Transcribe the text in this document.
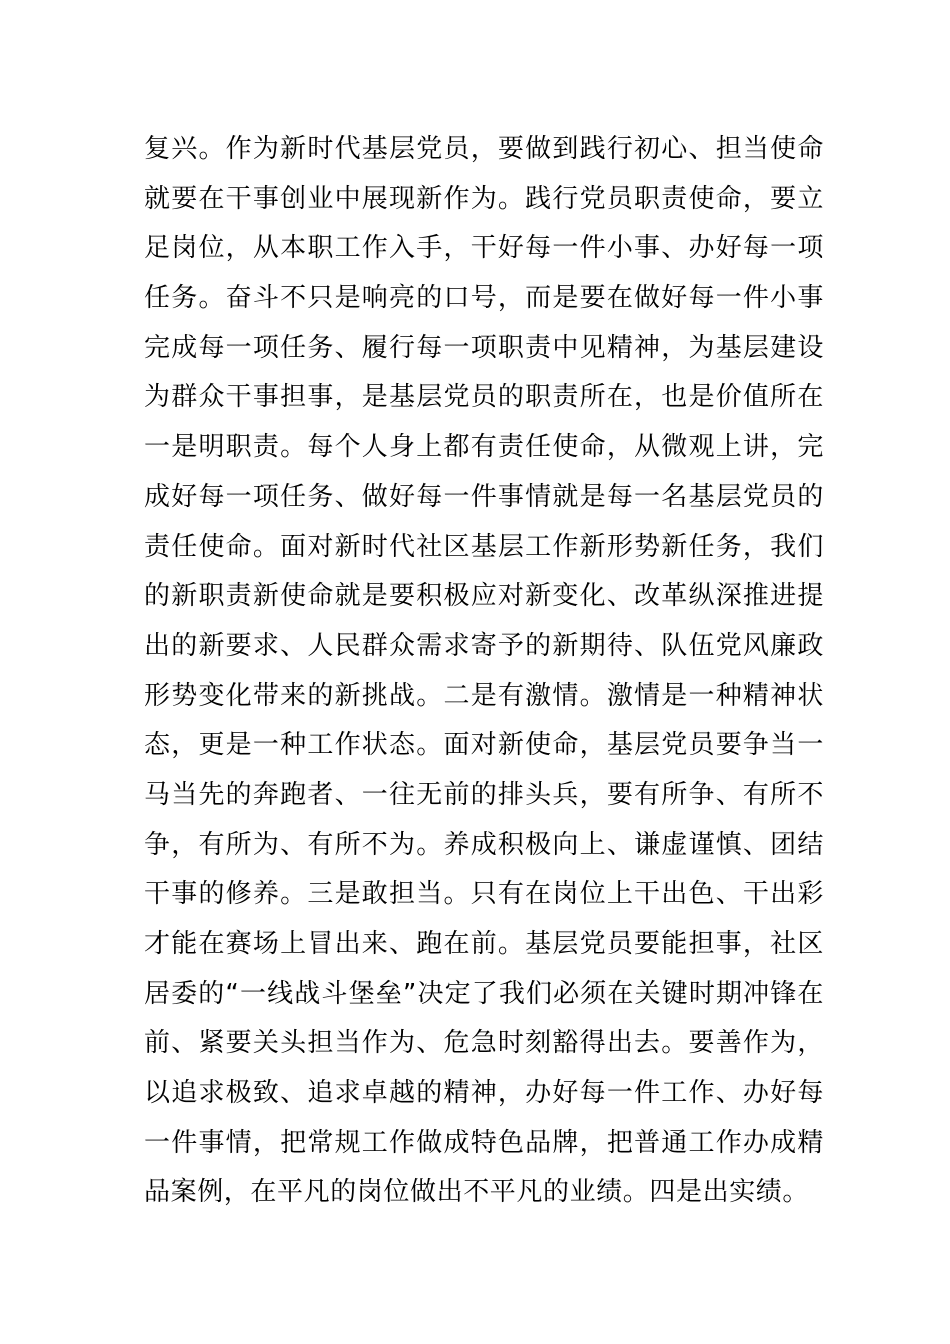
复兴。作为新时代基层党员，要做到践行初心、担当使命
就要在干事创业中展现新作为。践行党员职责使命，要立
足岗位，从本职工作入手，干好每一件小事、办好每一项
任务。奋斗不只是响亮的口号，而是要在做好每一件小事
完成每一项任务、履行每一项职责中见精神，为基层建设
为群众干事担事，是基层党员的职责所在，也是价值所在
一是明职责。每个人身上都有责任使命，从微观上讲，完
成好每一项任务、做好每一件事情就是每一名基层党员的
责任使命。面对新时代社区基层工作新形势新任务，我们
的新职责新使命就是要积极应对新变化、改革纵深推进提
出的新要求、人民群众需求寄予的新期待、队伍党风廉政
形势变化带来的新挑战。二是有激情。激情是一种精神状
态，更是一种工作状态。面对新使命，基层党员要争当一
马当先的奔跑者、一往无前的排头兵，要有所争、有所不
争，有所为、有所不为。养成积极向上、谦虚谨慎、团结
干事的修养。三是敢担当。只有在岗位上干出色、干出彩
才能在赛场上冒出来、跑在前。基层党员要能担事，社区
居委的“一线战斗堡垒”决定了我们必须在关键时期冲锋在
前、紧要关头担当作为、危急时刻豁得出去。要善作为，
以追求极致、追求卓越的精神，办好每一件工作、办好每
一件事情，把常规工作做成特色品牌，把普通工作办成精
品案例，在平凡的岗位做出不平凡的业绩。四是出实绩。
